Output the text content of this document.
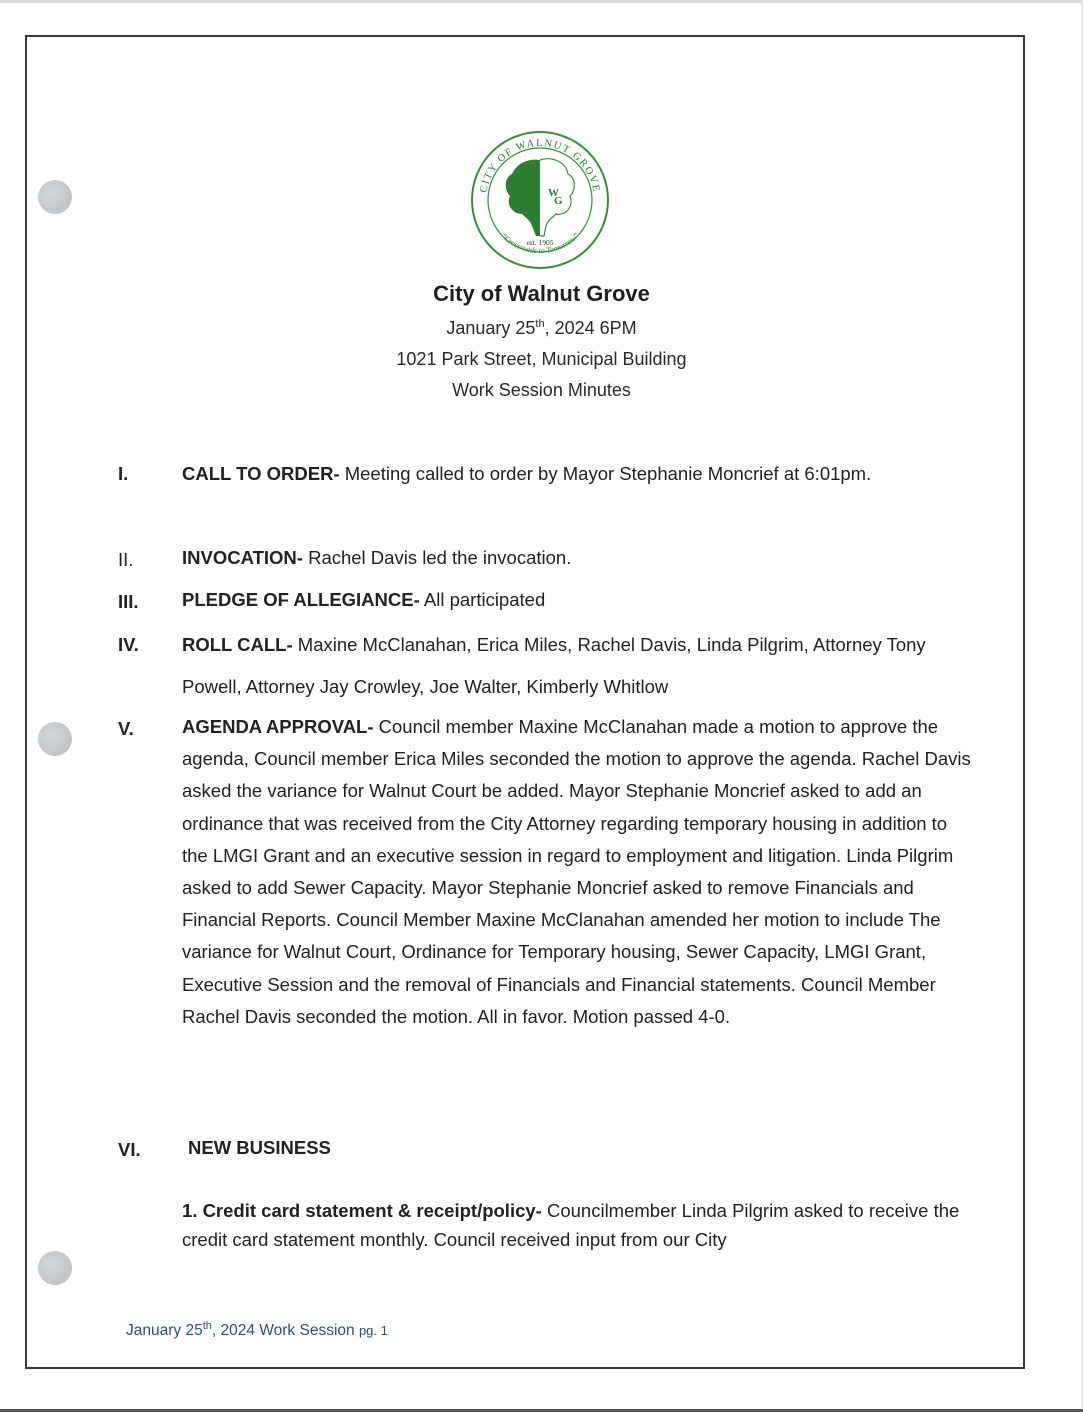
CITY OF WALNUT GROVE
“Crossroads to Tomorrow”
W
G
est. 1905
City of Walnut Grove
January 25th, 2024 6PM
1021 Park Street, Municipal Building
Work Session Minutes
I.	CALL TO ORDER- Meeting called to order by Mayor Stephanie Moncrief at 6:01pm.
II.	INVOCATION- Rachel Davis led the invocation.
III. PLEDGE OF ALLEGIANCE- All participated
IV. ROLL CALL- Maxine McClanahan, Erica Miles, Rachel Davis, Linda Pilgrim, Attorney Tony Powell, Attorney Jay Crowley, Joe Walter, Kimberly Whitlow
V.	AGENDA APPROVAL- Council member Maxine McClanahan made a motion to approve the agenda, Council member Erica Miles seconded the motion to approve the agenda. Rachel Davis asked the variance for Walnut Court be added. Mayor Stephanie Moncrief asked to add an ordinance that was received from the City Attorney regarding temporary housing in addition to the LMGI Grant and an executive session in regard to employment and litigation. Linda Pilgrim asked to add Sewer Capacity. Mayor Stephanie Moncrief asked to remove Financials and Financial Reports. Council Member Maxine McClanahan amended her motion to include The variance for Walnut Court, Ordinance for Temporary housing, Sewer Capacity, LMGI Grant, Executive Session and the removal of Financials and Financial statements. Council Member Rachel Davis seconded the motion. All in favor. Motion passed 4-0.
VI.	NEW BUSINESS
1. Credit card statement & receipt/policy- Councilmember Linda Pilgrim asked to receive the credit card statement monthly. Council received input from our City
January 25th, 2024 Work Session pg. 1
